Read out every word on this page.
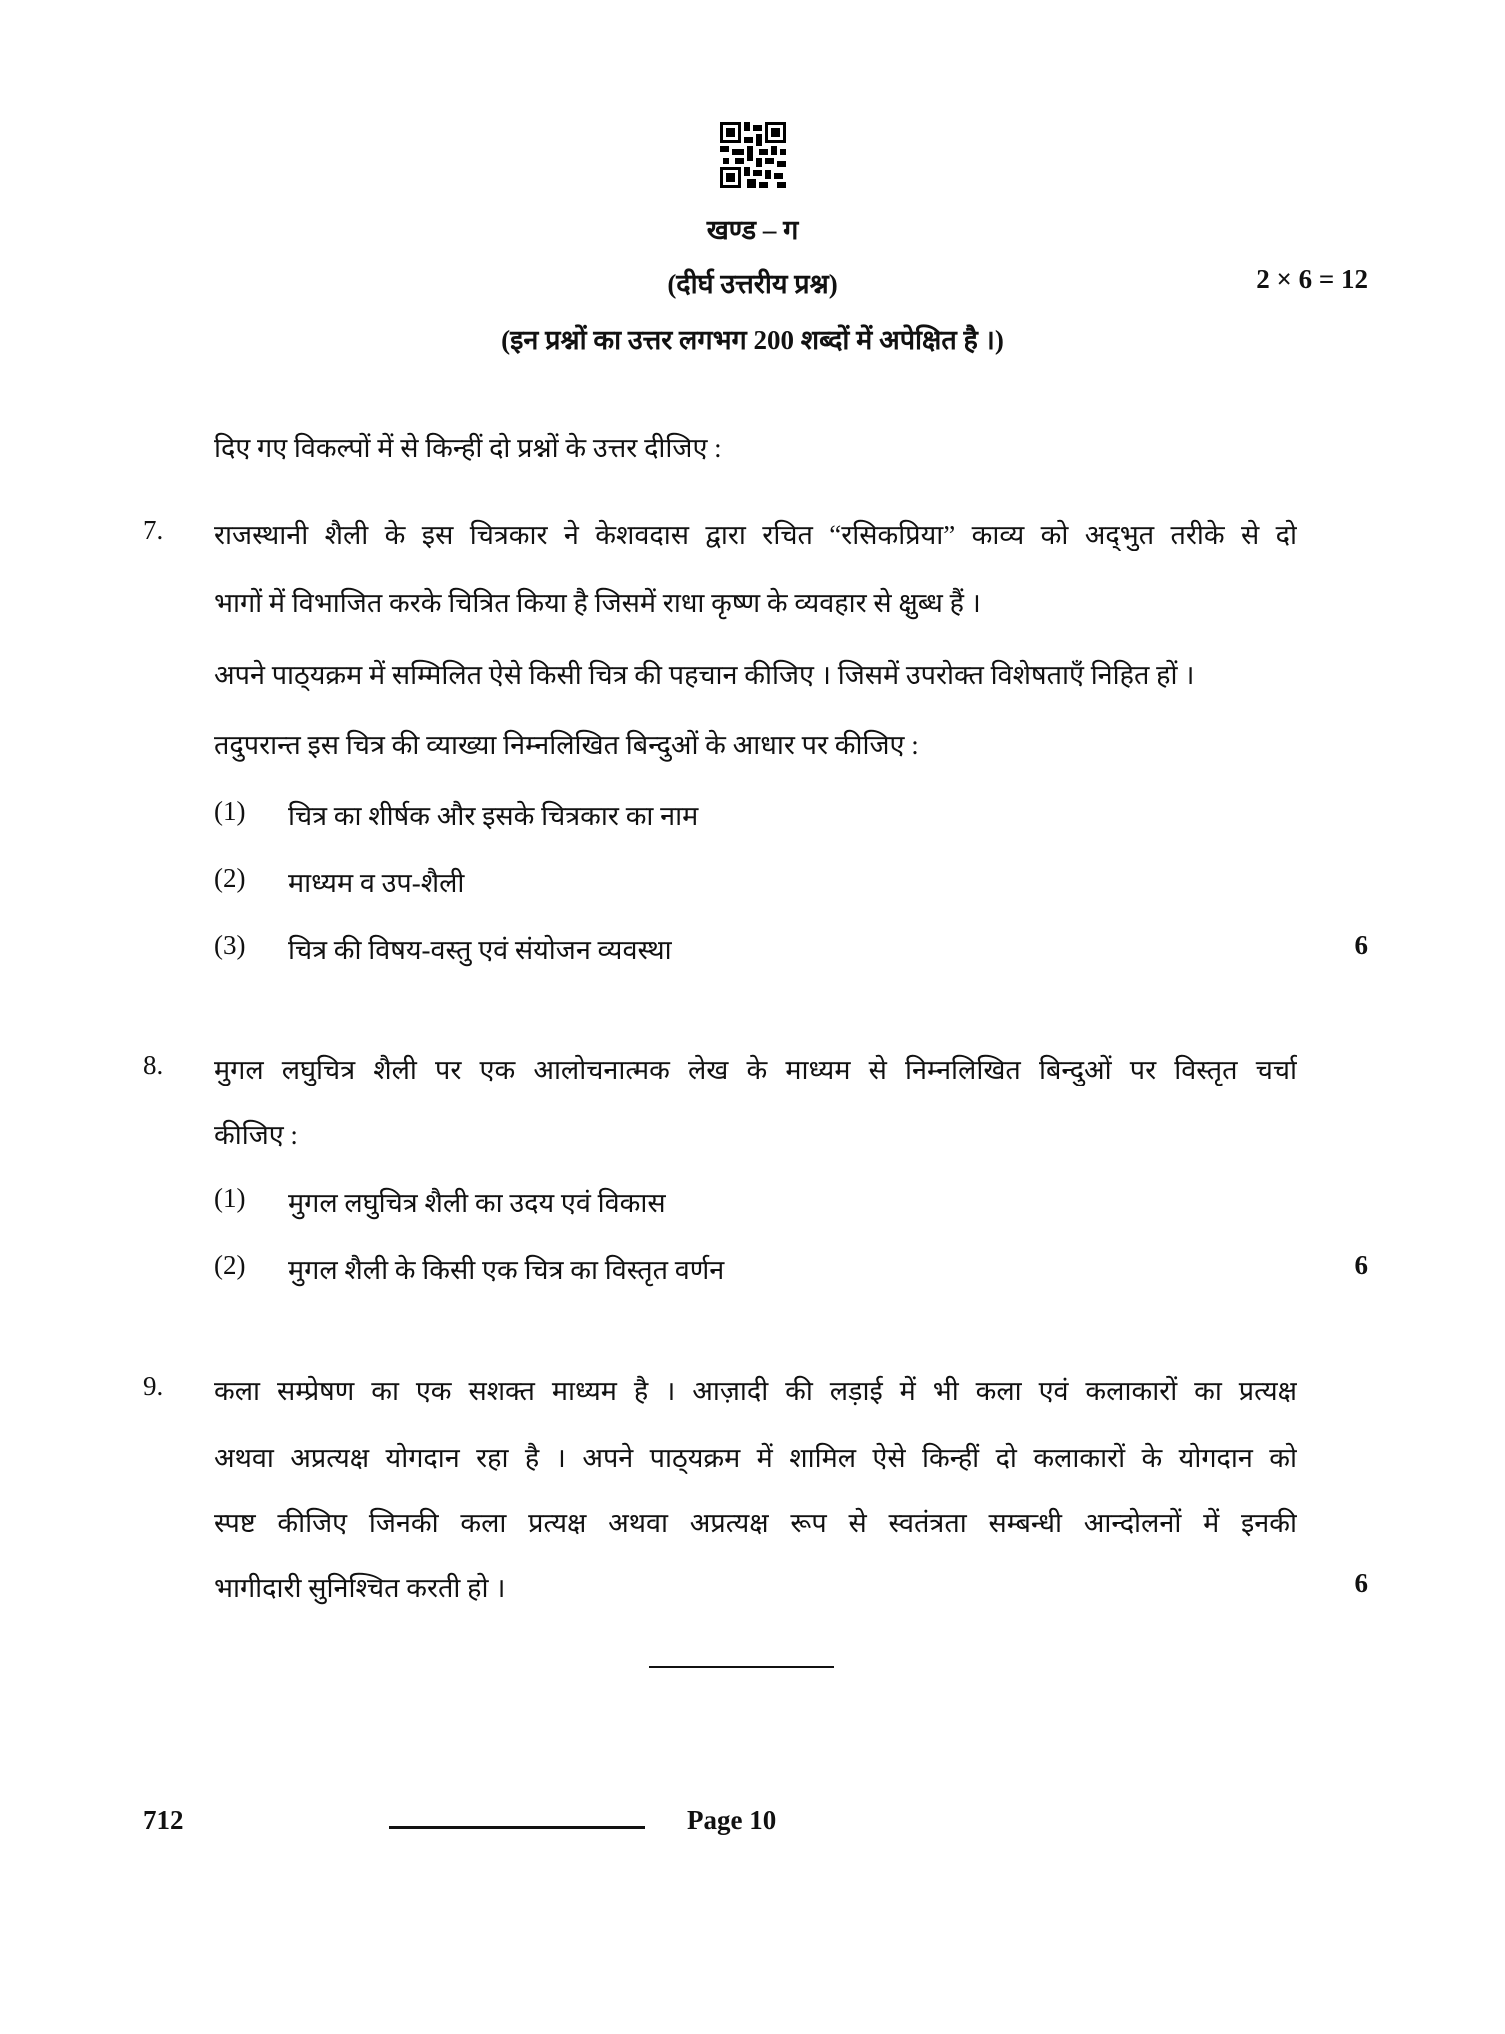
खण्ड – ग
(दीर्घ उत्तरीय प्रश्न)	2 × 6 = 12
(इन प्रश्नों का उत्तर लगभग 200 शब्दों में अपेक्षित है ।)
दिए गए विकल्पों में से किन्हीं दो प्रश्नों के उत्तर दीजिए :
7. राजस्थानी शैली के इस चित्रकार ने केशवदास द्वारा रचित “रसिकप्रिया” काव्य को अद्‌भुत तरीके से दो
भागों में विभाजित करके चित्रित किया है जिसमें राधा कृष्ण के व्यवहार से क्षुब्ध हैं ।
अपने पाठ्‌यक्रम में सम्मिलित ऐसे किसी चित्र की पहचान कीजिए । जिसमें उपरोक्त विशेषताएँ निहित हों ।
तदुपरान्त इस चित्र की व्याख्या निम्नलिखित बिन्दुओं के आधार पर कीजिए :
(1) चित्र का शीर्षक और इसके चित्रकार का नाम
(2) माध्यम व उप-शैली
(3) चित्र की विषय-वस्तु एवं संयोजन व्यवस्था	6
8. मुगल लघुचित्र शैली पर एक आलोचनात्मक लेख के माध्यम से निम्नलिखित बिन्दुओं पर विस्तृत चर्चा
कीजिए :
(1) मुगल लघुचित्र शैली का उदय एवं विकास
(2) मुगल शैली के किसी एक चित्र का विस्तृत वर्णन	6
9. कला सम्प्रेषण का एक सशक्त माध्यम है । आज़ादी की लड़ाई में भी कला एवं कलाकारों का प्रत्यक्ष
अथवा अप्रत्यक्ष योगदान रहा है । अपने पाठ्‌यक्रम में शामिल ऐसे किन्हीं दो कलाकारों के योगदान को
स्पष्ट कीजिए जिनकी कला प्रत्यक्ष अथवा अप्रत्यक्ष रूप से स्वतंत्रता सम्बन्धी आन्दोलनों में इनकी
भागीदारी सुनिश्चित करती हो ।	6
712	Page 10
